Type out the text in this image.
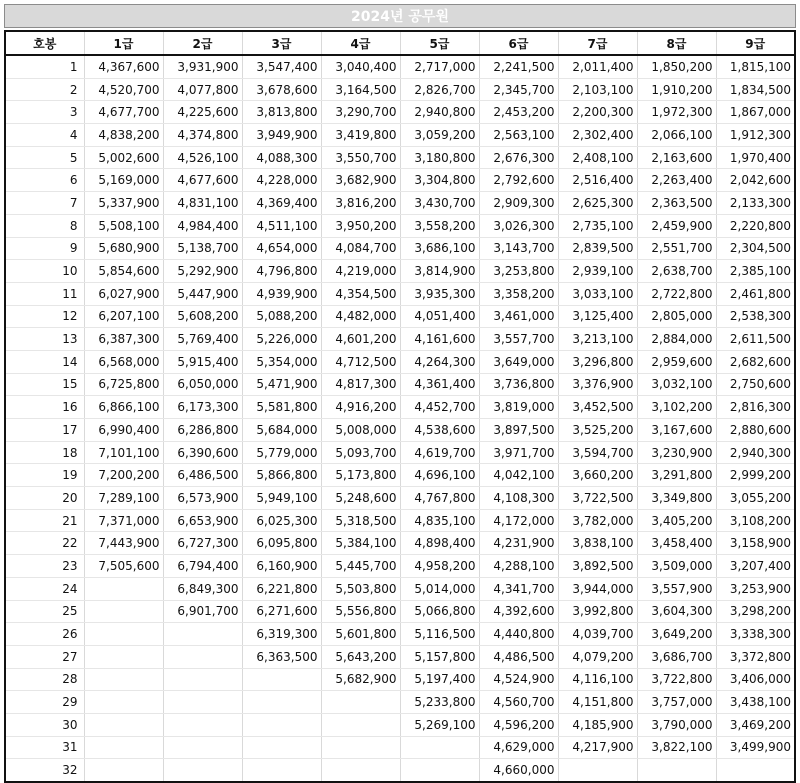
2024년 공무원
호봉	1급	2급	3급	4급	5급	6급	7급	8급	9급
1	4,367,600	3,931,900	3,547,400	3,040,400	2,717,000	2,241,500	2,011,400	1,850,200	1,815,100
2	4,520,700	4,077,800	3,678,600	3,164,500	2,826,700	2,345,700	2,103,100	1,910,200	1,834,500
3	4,677,700	4,225,600	3,813,800	3,290,700	2,940,800	2,453,200	2,200,300	1,972,300	1,867,000
4	4,838,200	4,374,800	3,949,900	3,419,800	3,059,200	2,563,100	2,302,400	2,066,100	1,912,300
5	5,002,600	4,526,100	4,088,300	3,550,700	3,180,800	2,676,300	2,408,100	2,163,600	1,970,400
6	5,169,000	4,677,600	4,228,000	3,682,900	3,304,800	2,792,600	2,516,400	2,263,400	2,042,600
7	5,337,900	4,831,100	4,369,400	3,816,200	3,430,700	2,909,300	2,625,300	2,363,500	2,133,300
8	5,508,100	4,984,400	4,511,100	3,950,200	3,558,200	3,026,300	2,735,100	2,459,900	2,220,800
9	5,680,900	5,138,700	4,654,000	4,084,700	3,686,100	3,143,700	2,839,500	2,551,700	2,304,500
10	5,854,600	5,292,900	4,796,800	4,219,000	3,814,900	3,253,800	2,939,100	2,638,700	2,385,100
11	6,027,900	5,447,900	4,939,900	4,354,500	3,935,300	3,358,200	3,033,100	2,722,800	2,461,800
12	6,207,100	5,608,200	5,088,200	4,482,000	4,051,400	3,461,000	3,125,400	2,805,000	2,538,300
13	6,387,300	5,769,400	5,226,000	4,601,200	4,161,600	3,557,700	3,213,100	2,884,000	2,611,500
14	6,568,000	5,915,400	5,354,000	4,712,500	4,264,300	3,649,000	3,296,800	2,959,600	2,682,600
15	6,725,800	6,050,000	5,471,900	4,817,300	4,361,400	3,736,800	3,376,900	3,032,100	2,750,600
16	6,866,100	6,173,300	5,581,800	4,916,200	4,452,700	3,819,000	3,452,500	3,102,200	2,816,300
17	6,990,400	6,286,800	5,684,000	5,008,000	4,538,600	3,897,500	3,525,200	3,167,600	2,880,600
18	7,101,100	6,390,600	5,779,000	5,093,700	4,619,700	3,971,700	3,594,700	3,230,900	2,940,300
19	7,200,200	6,486,500	5,866,800	5,173,800	4,696,100	4,042,100	3,660,200	3,291,800	2,999,200
20	7,289,100	6,573,900	5,949,100	5,248,600	4,767,800	4,108,300	3,722,500	3,349,800	3,055,200
21	7,371,000	6,653,900	6,025,300	5,318,500	4,835,100	4,172,000	3,782,000	3,405,200	3,108,200
22	7,443,900	6,727,300	6,095,800	5,384,100	4,898,400	4,231,900	3,838,100	3,458,400	3,158,900
23	7,505,600	6,794,400	6,160,900	5,445,700	4,958,200	4,288,100	3,892,500	3,509,000	3,207,400
24		6,849,300	6,221,800	5,503,800	5,014,000	4,341,700	3,944,000	3,557,900	3,253,900
25		6,901,700	6,271,600	5,556,800	5,066,800	4,392,600	3,992,800	3,604,300	3,298,200
26			6,319,300	5,601,800	5,116,500	4,440,800	4,039,700	3,649,200	3,338,300
27			6,363,500	5,643,200	5,157,800	4,486,500	4,079,200	3,686,700	3,372,800
28				5,682,900	5,197,400	4,524,900	4,116,100	3,722,800	3,406,000
29					5,233,800	4,560,700	4,151,800	3,757,000	3,438,100
30					5,269,100	4,596,200	4,185,900	3,790,000	3,469,200
31						4,629,000	4,217,900	3,822,100	3,499,900
32						4,660,000			
